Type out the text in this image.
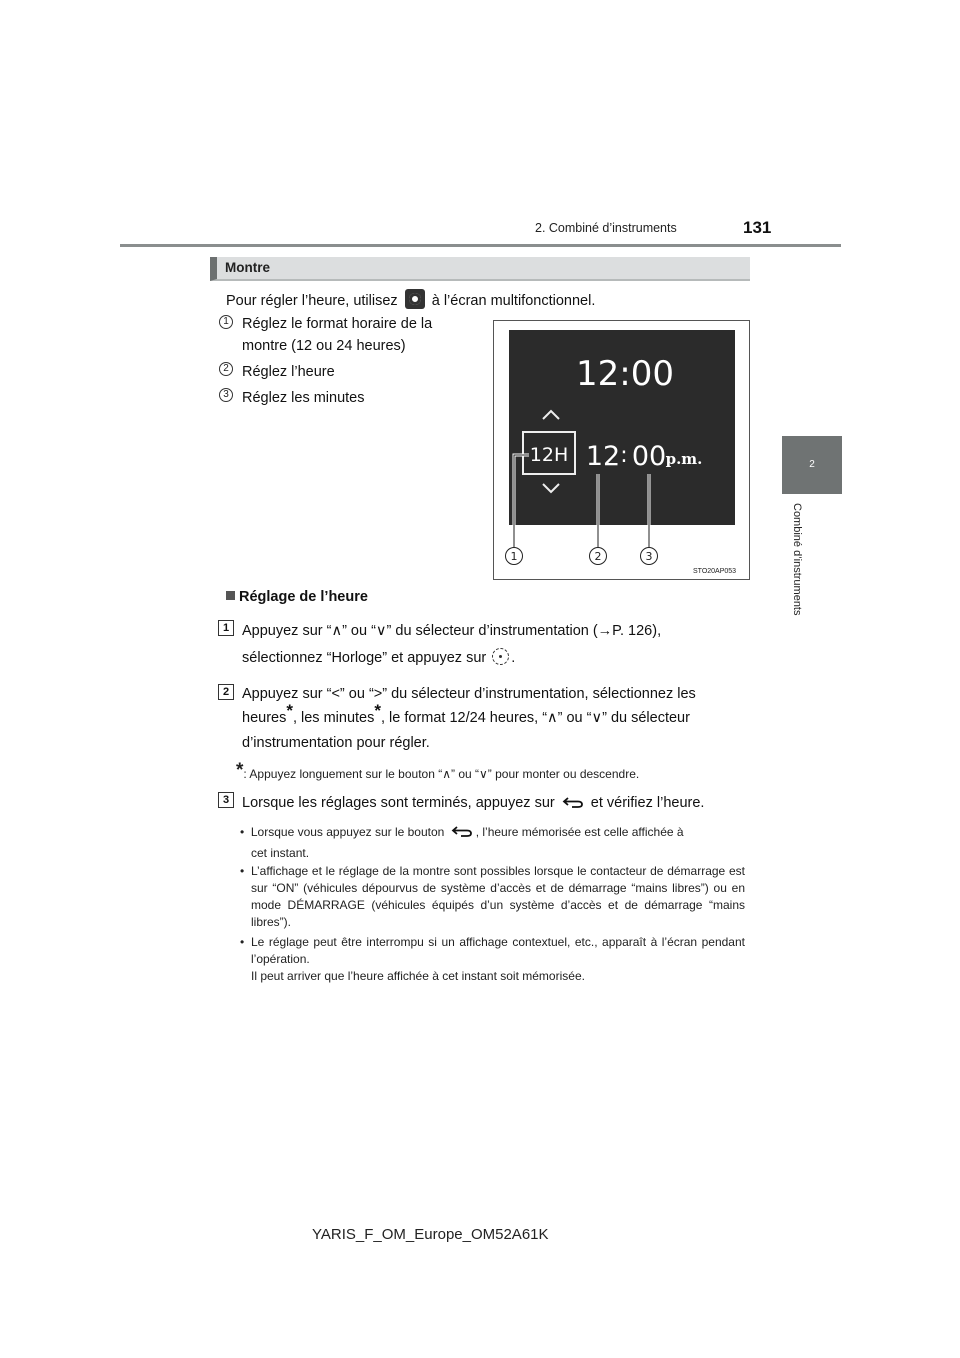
2. Combiné d’instruments	131
2
Combiné d’instruments
Montre
Pour régler l’heure, utilisez à l’écran multifonctionnel.
1 Réglez le format horaire de la
montre (12 ou 24 heures)
2 Réglez l’heure
3 Réglez les minutes
12:00
12H 12 : 00 p.m.
1	2	3
STO20AP053
Réglage de l’heure
1 Appuyez sur “∧” ou “∨” du sélecteur d’instrumentation (→P. 126),
sélectionnez “Horloge” et appuyez sur .
2 Appuyez sur “<” ou “>” du sélecteur d’instrumentation, sélectionnez les
heures*, les minutes*, le format 12/24 heures, “∧” ou “∨” du sélecteur
d’instrumentation pour régler.
*: Appuyez longuement sur le bouton “∧” ou “∨” pour monter ou descendre.
3 Lorsque les réglages sont terminés, appuyez sur et vérifiez l’heure.
•  Lorsque vous appuyez sur le bouton	, l’heure mémorisée est celle affichée à
cet instant.
• L’affichage et le réglage de la montre sont possibles lorsque le contacteur de démarrage est sur “ON” (véhicules dépourvus de système d’accès et de démarrage “mains libres”) ou en mode DÉMARRAGE (véhicules équipés d’un système d’accès et de démarrage “mains libres”).
• Le réglage peut être interrompu si un affichage contextuel, etc., apparaît à l’écran pendant l’opération.
Il peut arriver que l’heure affichée à cet instant soit mémorisée.
YARIS_F_OM_Europe_OM52A61K
